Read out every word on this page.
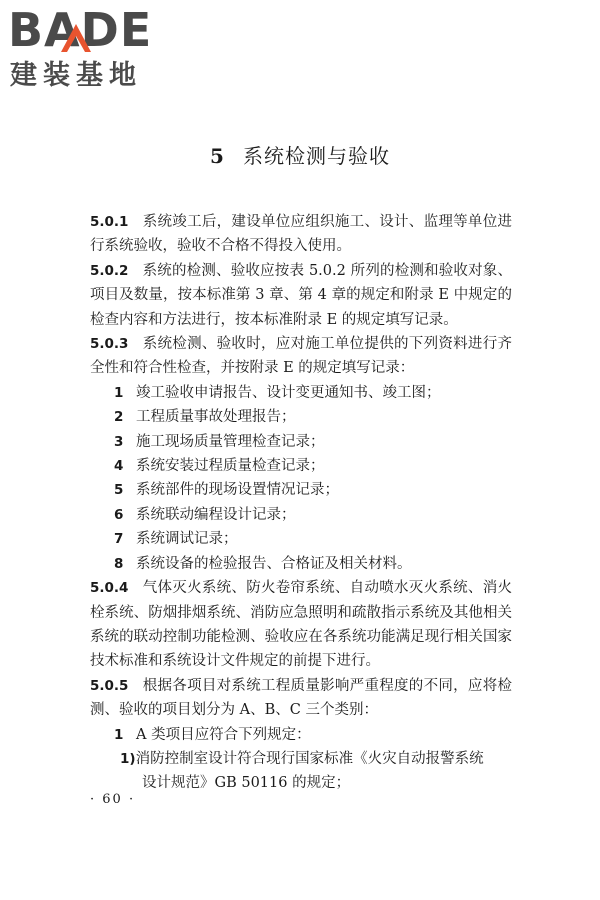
BADE
建装基地
5 系统检测与验收

5.0.1 系统竣工后，建设单位应组织施工、设计、监理等单位进行系统验收，验收不合格不得投入使用。

5.0.2 系统的检测、验收应按表 5.0.2 所列的检测和验收对象、项目及数量，按本标准第 3 章、第 4 章的规定和附录 E 中规定的检查内容和方法进行，按本标准附录 E 的规定填写记录。

5.0.3 系统检测、验收时，应对施工单位提供的下列资料进行齐全性和符合性检查，并按附录 E 的规定填写记录：

1 竣工验收申请报告、设计变更通知书、竣工图；
2 工程质量事故处理报告；
3 施工现场质量管理检查记录；
4 系统安装过程质量检查记录；
5 系统部件的现场设置情况记录；
6 系统联动编程设计记录；
7 系统调试记录；
8 系统设备的检验报告、合格证及相关材料。

5.0.4 气体灭火系统、防火卷帘系统、自动喷水灭火系统、消火栓系统、防烟排烟系统、消防应急照明和疏散指示系统及其他相关系统的联动控制功能检测、验收应在各系统功能满足现行相关国家技术标准和系统设计文件规定的前提下进行。

5.0.5 根据各项目对系统工程质量影响严重程度的不同，应将检测、验收的项目划分为 A、B、C 三个类别：

1 A 类项目应符合下列规定：
1)消防控制室设计符合现行国家标准《火灾自动报警系统
设计规范》GB 50116 的规定；
· 60 ·
